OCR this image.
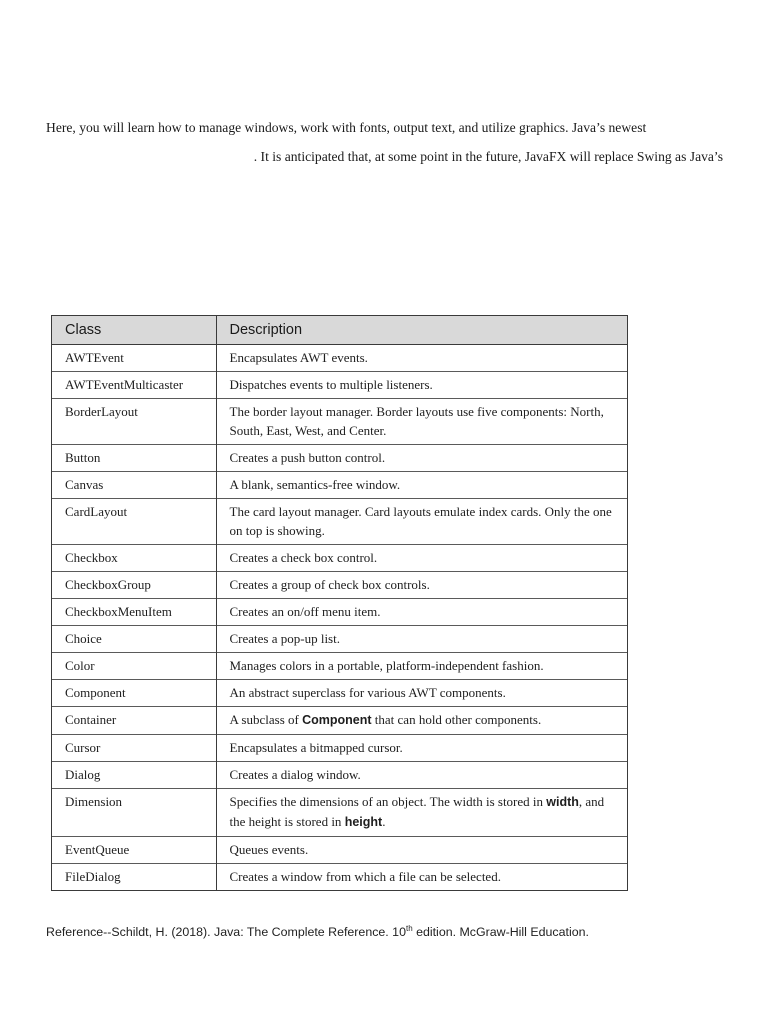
Here, you will learn how to manage windows, work with fonts, output text, and utilize graphics. Java’s newest
. It is anticipated that, at some point in the future, JavaFX will replace Swing as Java’s
Class	Description
AWTEvent	Encapsulates AWT events.
AWTEventMulticaster	Dispatches events to multiple listeners.
BorderLayout	The border layout manager. Border layouts use five components: North, South, East, West, and Center.
Button	Creates a push button control.
Canvas	A blank, semantics-free window.
CardLayout	The card layout manager. Card layouts emulate index cards. Only the one on top is showing.
Checkbox	Creates a check box control.
CheckboxGroup	Creates a group of check box controls.
CheckboxMenuItem	Creates an on/off menu item.
Choice	Creates a pop-up list.
Color	Manages colors in a portable, platform-independent fashion.
Component	An abstract superclass for various AWT components.
Container	A subclass of Component that can hold other components.
Cursor	Encapsulates a bitmapped cursor.
Dialog	Creates a dialog window.
Dimension	Specifies the dimensions of an object. The width is stored in width, and the height is stored in height.
EventQueue	Queues events.
FileDialog	Creates a window from which a file can be selected.
Reference--Schildt, H. (2018). Java: The Complete Reference. 10th edition. McGraw-Hill Education.
